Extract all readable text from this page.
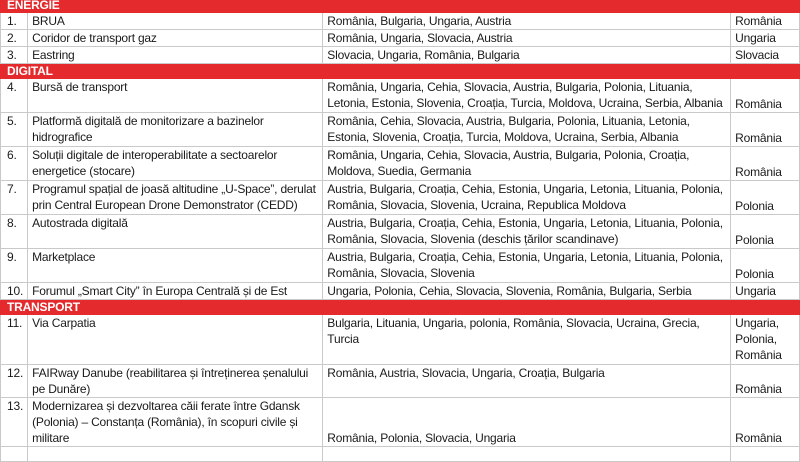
ENERGIE			
1.	BRUA	România, Bulgaria, Ungaria, Austria	România
2.	Coridor de transport gaz	România, Ungaria, Slovacia, Austria	Ungaria
3.	Eastring	Slovacia, Ungaria, România, Bulgaria	Slovacia
DIGITAL			
4.	Bursă de transport	România, Ungaria, Cehia, Slovacia, Austria, Bulgaria, Polonia, Lituania, Letonia, Estonia, Slovenia, Croația, Turcia, Moldova, Ucraina, Serbia, Albania	România
5.	Platformă digitală de monitorizare a bazinelor hidrografice	România, Cehia, Slovacia, Austria, Bulgaria, Polonia, Lituania, Letonia, Estonia, Slovenia, Croația, Turcia, Moldova, Ucraina, Serbia, Albania	România
6.	Soluții digitale de interoperabilitate a sectoarelor energetice (stocare)	România, Ungaria, Cehia, Slovacia, Austria, Bulgaria, Polonia, Croația, Moldova, Suedia, Germania	România
7.	Programul spațial de joasă altitudine „U-Space”, derulat prin Central European Drone Demonstrator (CEDD)	Austria, Bulgaria, Croația, Cehia, Estonia, Ungaria, Letonia, Lituania, Polonia, România, Slovacia, Slovenia, Ucraina, Republica Moldova	Polonia
8.	Autostrada digitală	Austria, Bulgaria, Croația, Cehia, Estonia, Ungaria, Letonia, Lituania, Polonia, România, Slovacia, Slovenia (deschis țărilor scandinave)	Polonia
9.	Marketplace	Austria, Bulgaria, Croația, Cehia, Estonia, Ungaria, Letonia, Lituania, Polonia, România, Slovacia, Slovenia	Polonia
10.	Forumul „Smart City” în Europa Centrală și de Est	Ungaria, Polonia, Cehia, Slovacia, Slovenia, România, Bulgaria, Serbia	Ungaria
TRANSPORT			
11.	Via Carpatia	Bulgaria, Lituania, Ungaria, polonia, România, Slovacia, Ucraina, Grecia, Turcia	Ungaria, Polonia, România
12.	FAIRway Danube (reabilitarea și întreținerea șenalului pe Dunăre)	România, Austria, Slovacia, Ungaria, Croația, Bulgaria	România
13.	Modernizarea și dezvoltarea căii ferate între Gdansk (Polonia) – Constanța (România), în scopuri civile și militare	România, Polonia, Slovacia, Ungaria	România
